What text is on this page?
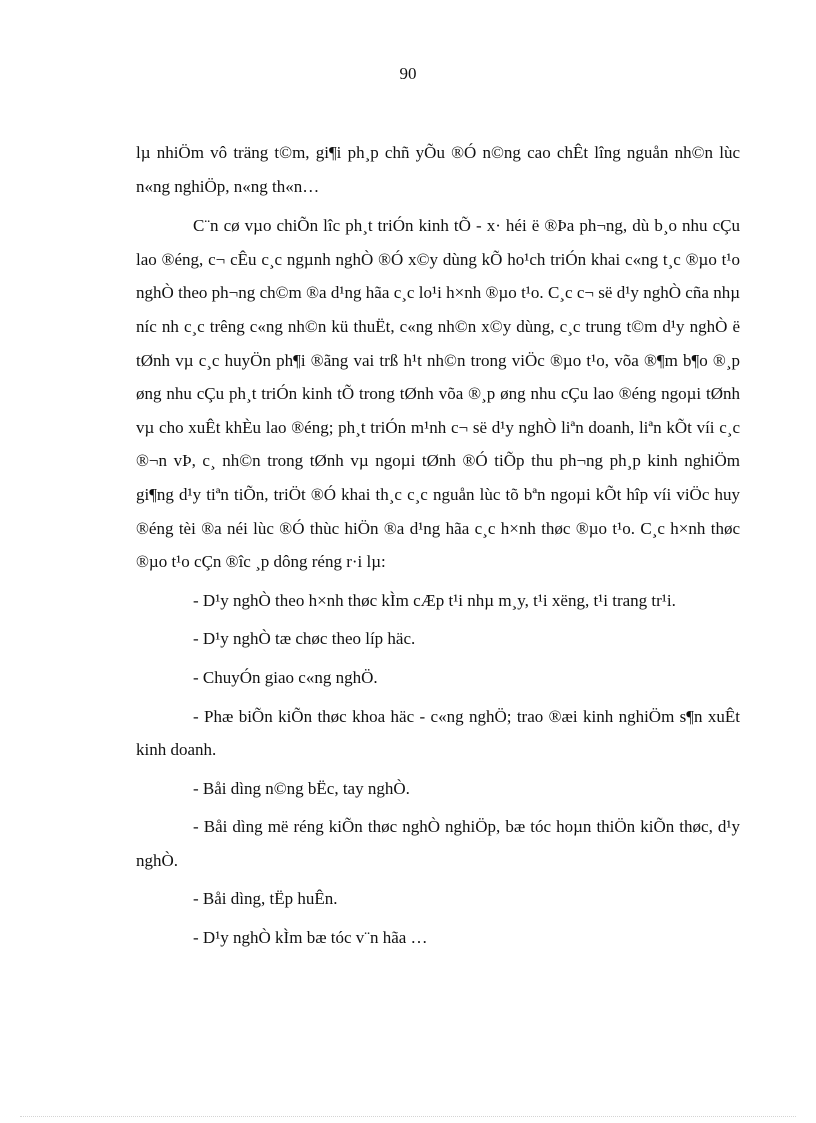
90

lµ nhiÖm vô träng t©m, gi¶i ph¸p chñ yÕu ®Ó n©ng cao chÊt lîng nguån nh©n lùc n«ng nghiÖp, n«ng th«n…

C¨n cø vµo chiÕn lîc ph¸t triÓn kinh tÕ - x· héi ë ®Þa ph¬ng, dù b¸o nhu cÇu lao ®éng, c¬ cÊu c¸c ngµnh nghÒ ®Ó x©y dùng kÕ ho¹ch triÓn khai c«ng t¸c ®µo t¹o nghÒ theo ph¬ng ch©m ®a d¹ng hãa c¸c lo¹i h×nh ®µo t¹o. C¸c c¬ së d¹y nghÒ cña nhµ níc nh c¸c trêng c«ng nh©n kü thuËt, c«ng nh©n x©y dùng, c¸c trung t©m d¹y nghÒ ë tØnh vµ c¸c huyÖn ph¶i ®ãng vai trß h¹t nh©n trong viÖc ®µo t¹o, võa ®¶m b¶o ®¸p øng nhu cÇu ph¸t triÓn kinh tÕ trong tØnh võa ®¸p øng nhu cÇu lao ®éng ngoµi tØnh vµ cho xuÊt khÈu lao ®éng; ph¸t triÓn m¹nh c¬ së d¹y nghÒ liªn doanh, liªn kÕt víi c¸c ®¬n vÞ, c¸ nh©n trong tØnh vµ ngoµi tØnh ®Ó tiÕp thu ph¬ng ph¸p kinh nghiÖm gi¶ng d¹y tiªn tiÕn, triÖt ®Ó khai th¸c c¸c nguån lùc tõ bªn ngoµi kÕt hîp víi viÖc huy ®éng tèi ®a néi lùc ®Ó thùc hiÖn ®a d¹ng hãa c¸c h×nh thøc ®µo t¹o. C¸c h×nh thøc ®µo t¹o cÇn ®îc ¸p dông réng r·i lµ:

- D¹y nghÒ theo h×nh thøc kÌm cÆp t¹i nhµ m¸y, t¹i xëng, t¹i trang tr¹i.

- D¹y nghÒ tæ chøc theo líp häc.

- ChuyÓn giao c«ng nghÖ.

- Phæ biÕn kiÕn thøc khoa häc - c«ng nghÖ; trao ®æi kinh nghiÖm s¶n xuÊt kinh doanh.

- Båi dìng n©ng bËc, tay nghÒ.

- Båi dìng më réng kiÕn thøc nghÒ nghiÖp, bæ tóc hoµn thiÖn kiÕn thøc, d¹y nghÒ.

- Båi dìng, tËp huÊn.

- D¹y nghÒ kÌm bæ tóc v¨n hãa …
